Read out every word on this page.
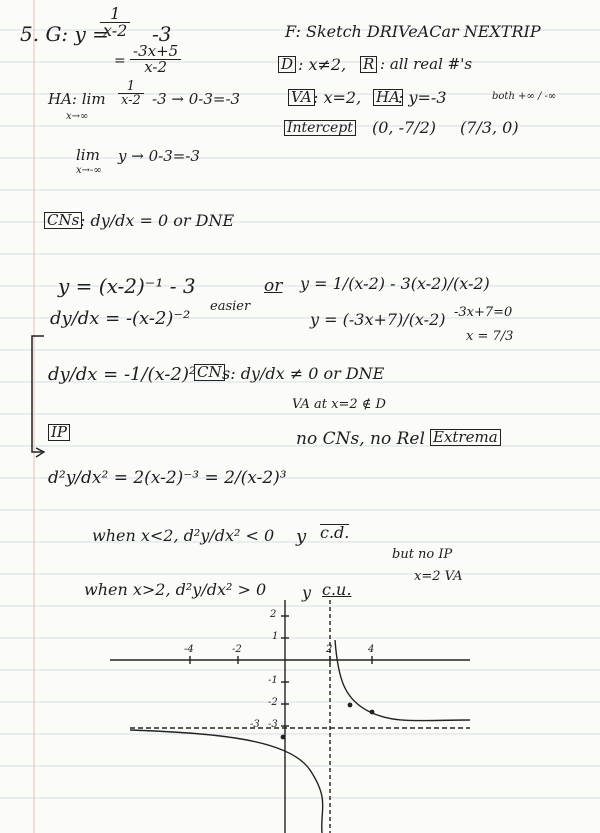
5. G: y =
$\frac{1}{x-2} -3$	F: Sketch DRIVeACar NEXTRIP
= $\frac{-3x+5}{x-2}$	D : x≠2, R : all real #'s
HA: lim
x→∞
$\frac{1}{x-2} -3 \to 0-3=-3$	VA : x=2, HA
: y=-3	both +∞ / -∞
Intercept (0, -7/2) (7/3, 0)
lim
x→-∞
y → 0-3=-3
CNs : dy/dx = 0 or DNE
y = (x-2)⁻¹ - 3	or y = 1/(x-2) - 3(x-2)/(x-2)
dy/dx = -(x-2)⁻²
easier
y = (-3x+7)/(x-2) -3x+7=0
x = 7/3
dy/dx = -1/(x-2)² CN s: dy/dx ≠ 0 or DNE
VA at x=2 ∉ D
IP	no CNs, no Rel Extrema
d²y/dx² = 2(x-2)⁻³ = 2/(x-2)³
when x<2, d²y/dx² < 0 y c.d.
but no IP
x=2 VA
when x>2, d²y/dx² > 0 y c.u.
-4	-2	2	4
2
1
-1
-2
-3
-3
